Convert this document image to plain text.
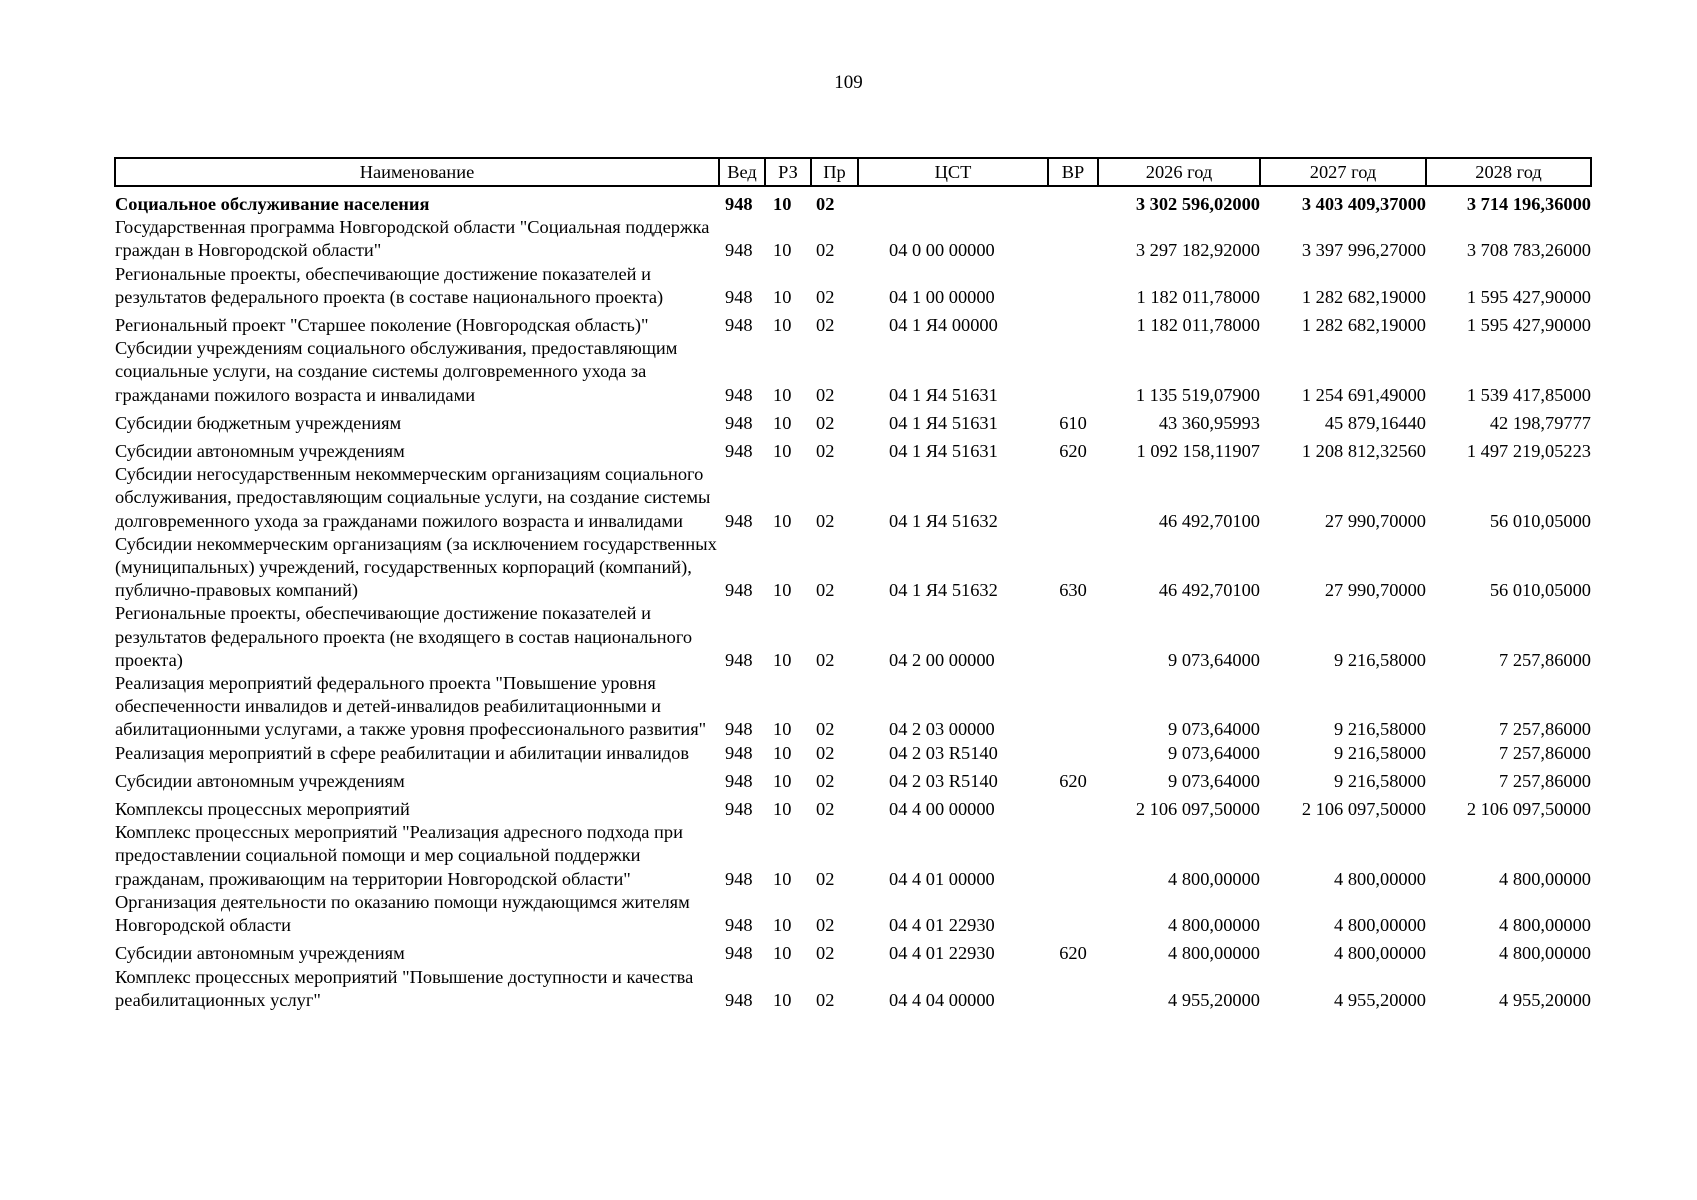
109
Наименование	Вед	РЗ	Пр	ЦСТ	ВР	2026 год	2027 год	2028 год
Социальное обслуживание населения	948	10	02			3 302 596,02000	3 403 409,37000	3 714 196,36000
Государственная программа Новгородской области "Социальная поддержка граждан в Новгородской области"	948	10	02	04 0 00 00000		3 297 182,92000	3 397 996,27000	3 708 783,26000
Региональные проекты, обеспечивающие достижение показателей и результатов федерального проекта (в составе национального проекта)	948	10	02	04 1 00 00000		1 182 011,78000	1 282 682,19000	1 595 427,90000
Региональный проект "Старшее поколение (Новгородская область)"	948	10	02	04 1 Я4 00000		1 182 011,78000	1 282 682,19000	1 595 427,90000
Субсидии учреждениям социального обслуживания, предоставляющим социальные услуги, на создание системы долговременного ухода за гражданами пожилого возраста и инвалидами	948	10	02	04 1 Я4 51631		1 135 519,07900	1 254 691,49000	1 539 417,85000
Субсидии бюджетным учреждениям	948	10	02	04 1 Я4 51631	610	43 360,95993	45 879,16440	42 198,79777
Субсидии автономным учреждениям	948	10	02	04 1 Я4 51631	620	1 092 158,11907	1 208 812,32560	1 497 219,05223
Субсидии негосударственным некоммерческим организациям социального обслуживания, предоставляющим социальные услуги, на создание системы долговременного ухода за гражданами пожилого возраста и инвалидами	948	10	02	04 1 Я4 51632		46 492,70100	27 990,70000	56 010,05000
Субсидии некоммерческим организациям (за исключением государственных (муниципальных) учреждений, государственных корпораций (компаний), публично-правовых компаний)	948	10	02	04 1 Я4 51632	630	46 492,70100	27 990,70000	56 010,05000
Региональные проекты, обеспечивающие достижение показателей и результатов федерального проекта (не входящего в состав национального проекта)	948	10	02	04 2 00 00000		9 073,64000	9 216,58000	7 257,86000
Реализация мероприятий федерального проекта "Повышение уровня обеспеченности инвалидов и детей-инвалидов реабилитационными и абилитационными услугами, а также уровня профессионального развития"	948	10	02	04 2 03 00000		9 073,64000	9 216,58000	7 257,86000
Реализация мероприятий в сфере реабилитации и абилитации инвалидов	948	10	02	04 2 03 R5140		9 073,64000	9 216,58000	7 257,86000
Субсидии автономным учреждениям	948	10	02	04 2 03 R5140	620	9 073,64000	9 216,58000	7 257,86000
Комплексы процессных мероприятий	948	10	02	04 4 00 00000		2 106 097,50000	2 106 097,50000	2 106 097,50000
Комплекс процессных мероприятий "Реализация адресного подхода при предоставлении социальной помощи и мер социальной поддержки гражданам, проживающим на территории Новгородской области"	948	10	02	04 4 01 00000		4 800,00000	4 800,00000	4 800,00000
Организация деятельности по оказанию помощи нуждающимся жителям Новгородской области	948	10	02	04 4 01 22930		4 800,00000	4 800,00000	4 800,00000
Субсидии автономным учреждениям	948	10	02	04 4 01 22930	620	4 800,00000	4 800,00000	4 800,00000
Комплекс процессных мероприятий "Повышение доступности и качества реабилитационных услуг"	948	10	02	04 4 04 00000		4 955,20000	4 955,20000	4 955,20000
